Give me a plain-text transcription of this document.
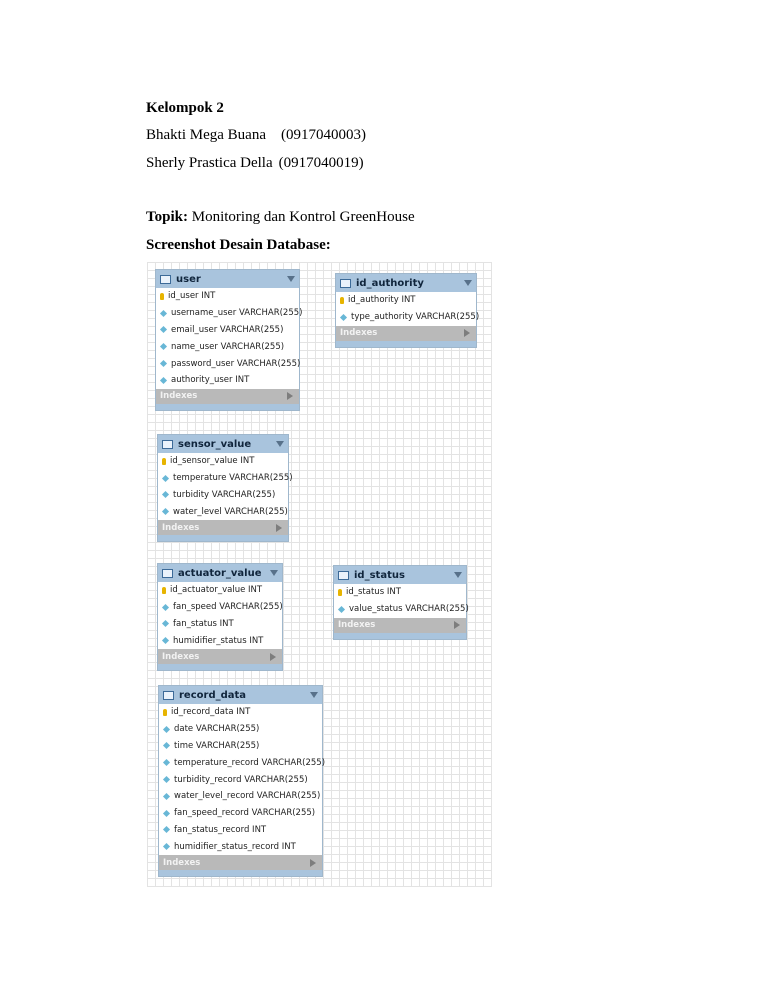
Kelompok 2
Bhakti Mega Buana (0917040003)
Sherly Prastica Della (0917040019)
Topik: Monitoring dan Kontrol GreenHouse
Screenshot Desain Database:
user
id_user INT
username_user VARCHAR(255)
email_user VARCHAR(255)
name_user VARCHAR(255)
password_user VARCHAR(255)
authority_user INT
Indexes
id_authority
id_authority INT
type_authority VARCHAR(255)
Indexes
sensor_value
id_sensor_value INT
temperature VARCHAR(255)
turbidity VARCHAR(255)
water_level VARCHAR(255)
Indexes
actuator_value
id_actuator_value INT
fan_speed VARCHAR(255)
fan_status INT
humidifier_status INT
Indexes
id_status
id_status INT
value_status VARCHAR(255)
Indexes
record_data
id_record_data INT
date VARCHAR(255)
time VARCHAR(255)
temperature_record VARCHAR(255)
turbidity_record VARCHAR(255)
water_level_record VARCHAR(255)
fan_speed_record VARCHAR(255)
fan_status_record INT
humidifier_status_record INT
Indexes
